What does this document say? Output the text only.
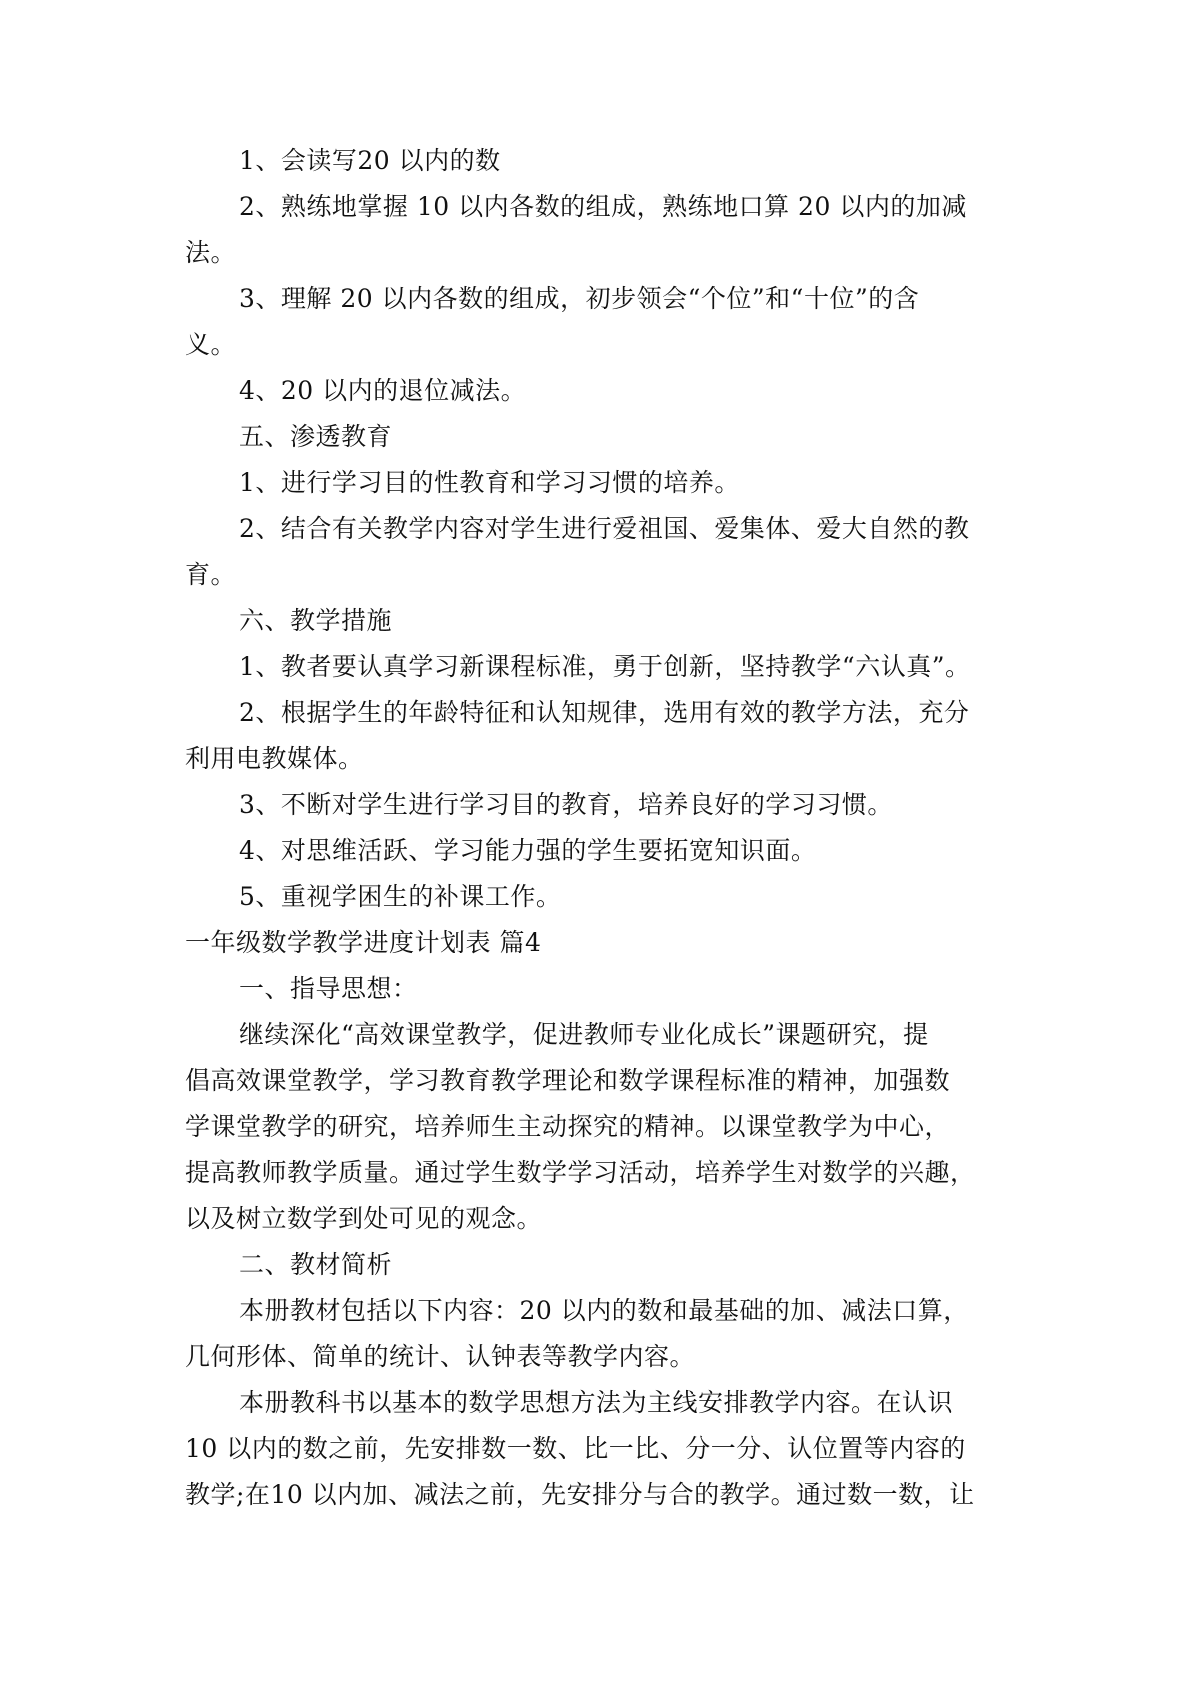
1、会读写20 以内的数
2、熟练地掌握 10 以内各数的组成，熟练地口算 20 以内的加减
法。
3、理解 20 以内各数的组成，初步领会“个位”和“十位”的含
义。
4、20 以内的退位减法。
五、渗透教育
1、进行学习目的性教育和学习习惯的培养。
2、结合有关教学内容对学生进行爱祖国、爱集体、爱大自然的教
育。
六、教学措施
1、教者要认真学习新课程标准，勇于创新，坚持教学“六认真”。
2、根据学生的年龄特征和认知规律，选用有效的教学方法，充分
利用电教媒体。
3、不断对学生进行学习目的教育，培养良好的学习习惯。
4、对思维活跃、学习能力强的学生要拓宽知识面。
5、重视学困生的补课工作。
一年级数学教学进度计划表 篇4
一、指导思想：
继续深化“高效课堂教学，促进教师专业化成长”课题研究，提
倡高效课堂教学，学习教育教学理论和数学课程标准的精神，加强数
学课堂教学的研究，培养师生主动探究的精神。以课堂教学为中心，
提高教师教学质量。通过学生数学学习活动，培养学生对数学的兴趣，
以及树立数学到处可见的观念。
二、教材简析
本册教材包括以下内容：20 以内的数和最基础的加、减法口算，
几何形体、简单的统计、认钟表等教学内容。
本册教科书以基本的数学思想方法为主线安排教学内容。在认识
10 以内的数之前，先安排数一数、比一比、分一分、认位置等内容的
教学;在10 以内加、减法之前，先安排分与合的教学。通过数一数，让
